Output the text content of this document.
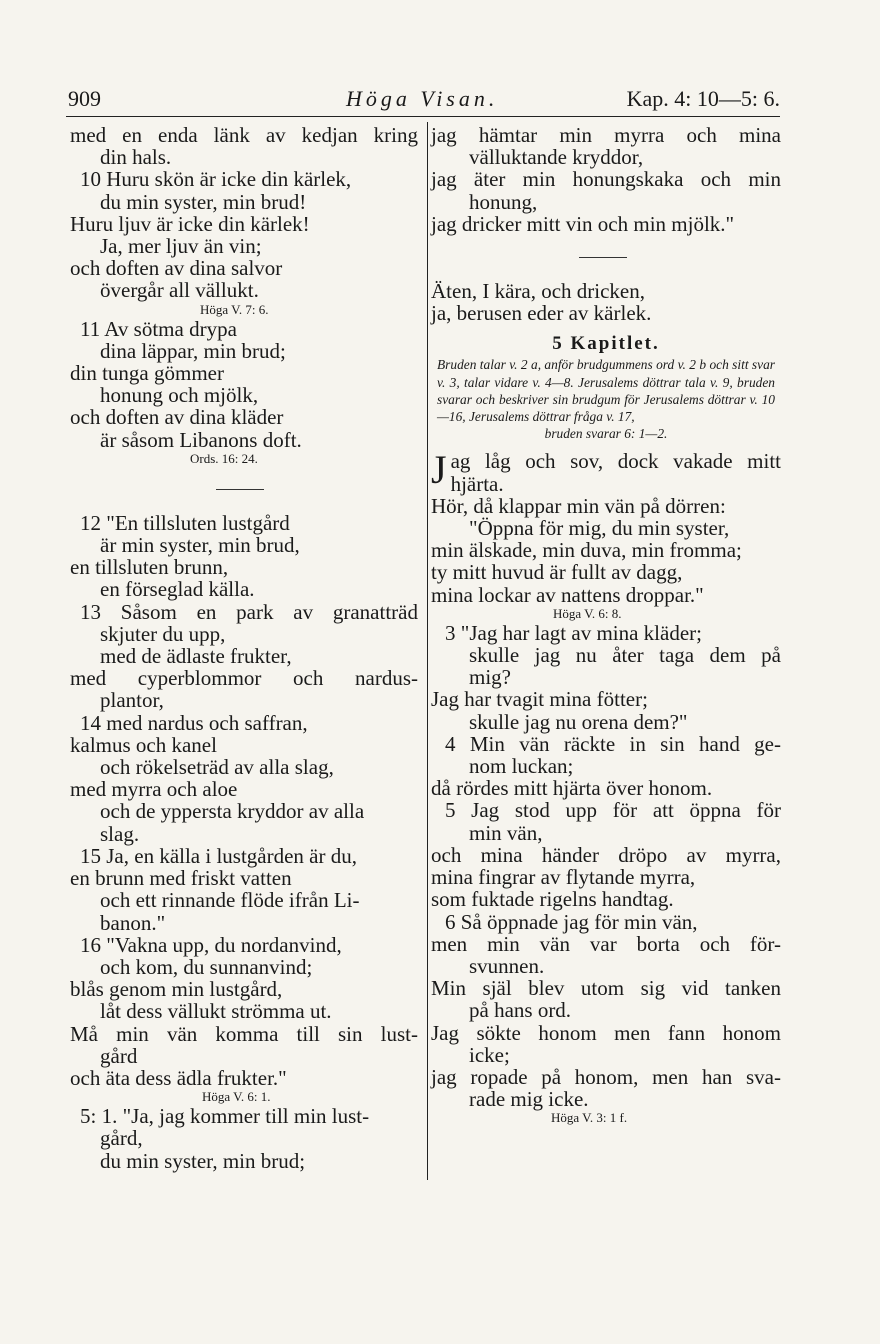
909	Höga Visan.	Kap. 4: 10—5: 6.
med en enda länk av kedjan kring
din hals.
10 Huru skön är icke din kärlek,
du min syster, min brud!
Huru ljuv är icke din kärlek!
Ja, mer ljuv än vin;
och doften av dina salvor
övergår all vällukt.
Höga V. 7: 6.
11 Av sötma drypa
dina läppar, min brud;
din tunga gömmer
honung och mjölk,
och doften av dina kläder
är såsom Libanons doft.
Ords. 16: 24.
12 "En tillsluten lustgård
är min syster, min brud,
en tillsluten brunn,
en förseglad källa.
13 Såsom en park av granatträd
skjuter du upp,
med de ädlaste frukter,
med cyperblommor och nardus-
plantor,
14 med nardus och saffran,
kalmus och kanel
och rökelseträd av alla slag,
med myrra och aloe
och de yppersta kryddor av alla
slag.
15 Ja, en källa i lustgården är du,
en brunn med friskt vatten
och ett rinnande flöde ifrån Li-
banon."
16 "Vakna upp, du nordanvind,
och kom, du sunnanvind;
blås genom min lustgård,
låt dess vällukt strömma ut.
Må min vän komma till sin lust-
gård
och äta dess ädla frukter."
Höga V. 6: 1.
5: 1. "Ja, jag kommer till min lust-
gård,
du min syster, min brud;
jag hämtar min myrra och mina
välluktande kryddor,
jag äter min honungskaka och min
honung,
jag dricker mitt vin och min mjölk."
Äten, I kära, och dricken,
ja, berusen eder av kärlek.
5 Kapitlet.
Bruden talar v. 2 a, anför brudgummens ord v. 2 b och sitt svar v. 3, talar vidare v. 4—8. Jerusalems döttrar tala v. 9, bruden svarar och beskriver sin brudgum för Jerusalems döttrar v. 10—16, Jerusalems döttrar fråga v. 17,
bruden svarar 6: 1—2.
J ag låg och sov, dock vakade mitt
hjärta.
Hör, då klappar min vän på dörren:
"Öppna för mig, du min syster,
min älskade, min duva, min fromma;
ty mitt huvud är fullt av dagg,
mina lockar av nattens droppar."
Höga V. 6: 8.
3 "Jag har lagt av mina kläder;
skulle jag nu åter taga dem på
mig?
Jag har tvagit mina fötter;
skulle jag nu orena dem?"
4 Min vän räckte in sin hand ge-
nom luckan;
då rördes mitt hjärta över honom.
5 Jag stod upp för att öppna för
min vän,
och mina händer dröpo av myrra,
mina fingrar av flytande myrra,
som fuktade rigelns handtag.
6 Så öppnade jag för min vän,
men min vän var borta och för-
svunnen.
Min själ blev utom sig vid tanken
på hans ord.
Jag sökte honom men fann honom
icke;
jag ropade på honom, men han sva-
rade mig icke.
Höga V. 3: 1 f.
